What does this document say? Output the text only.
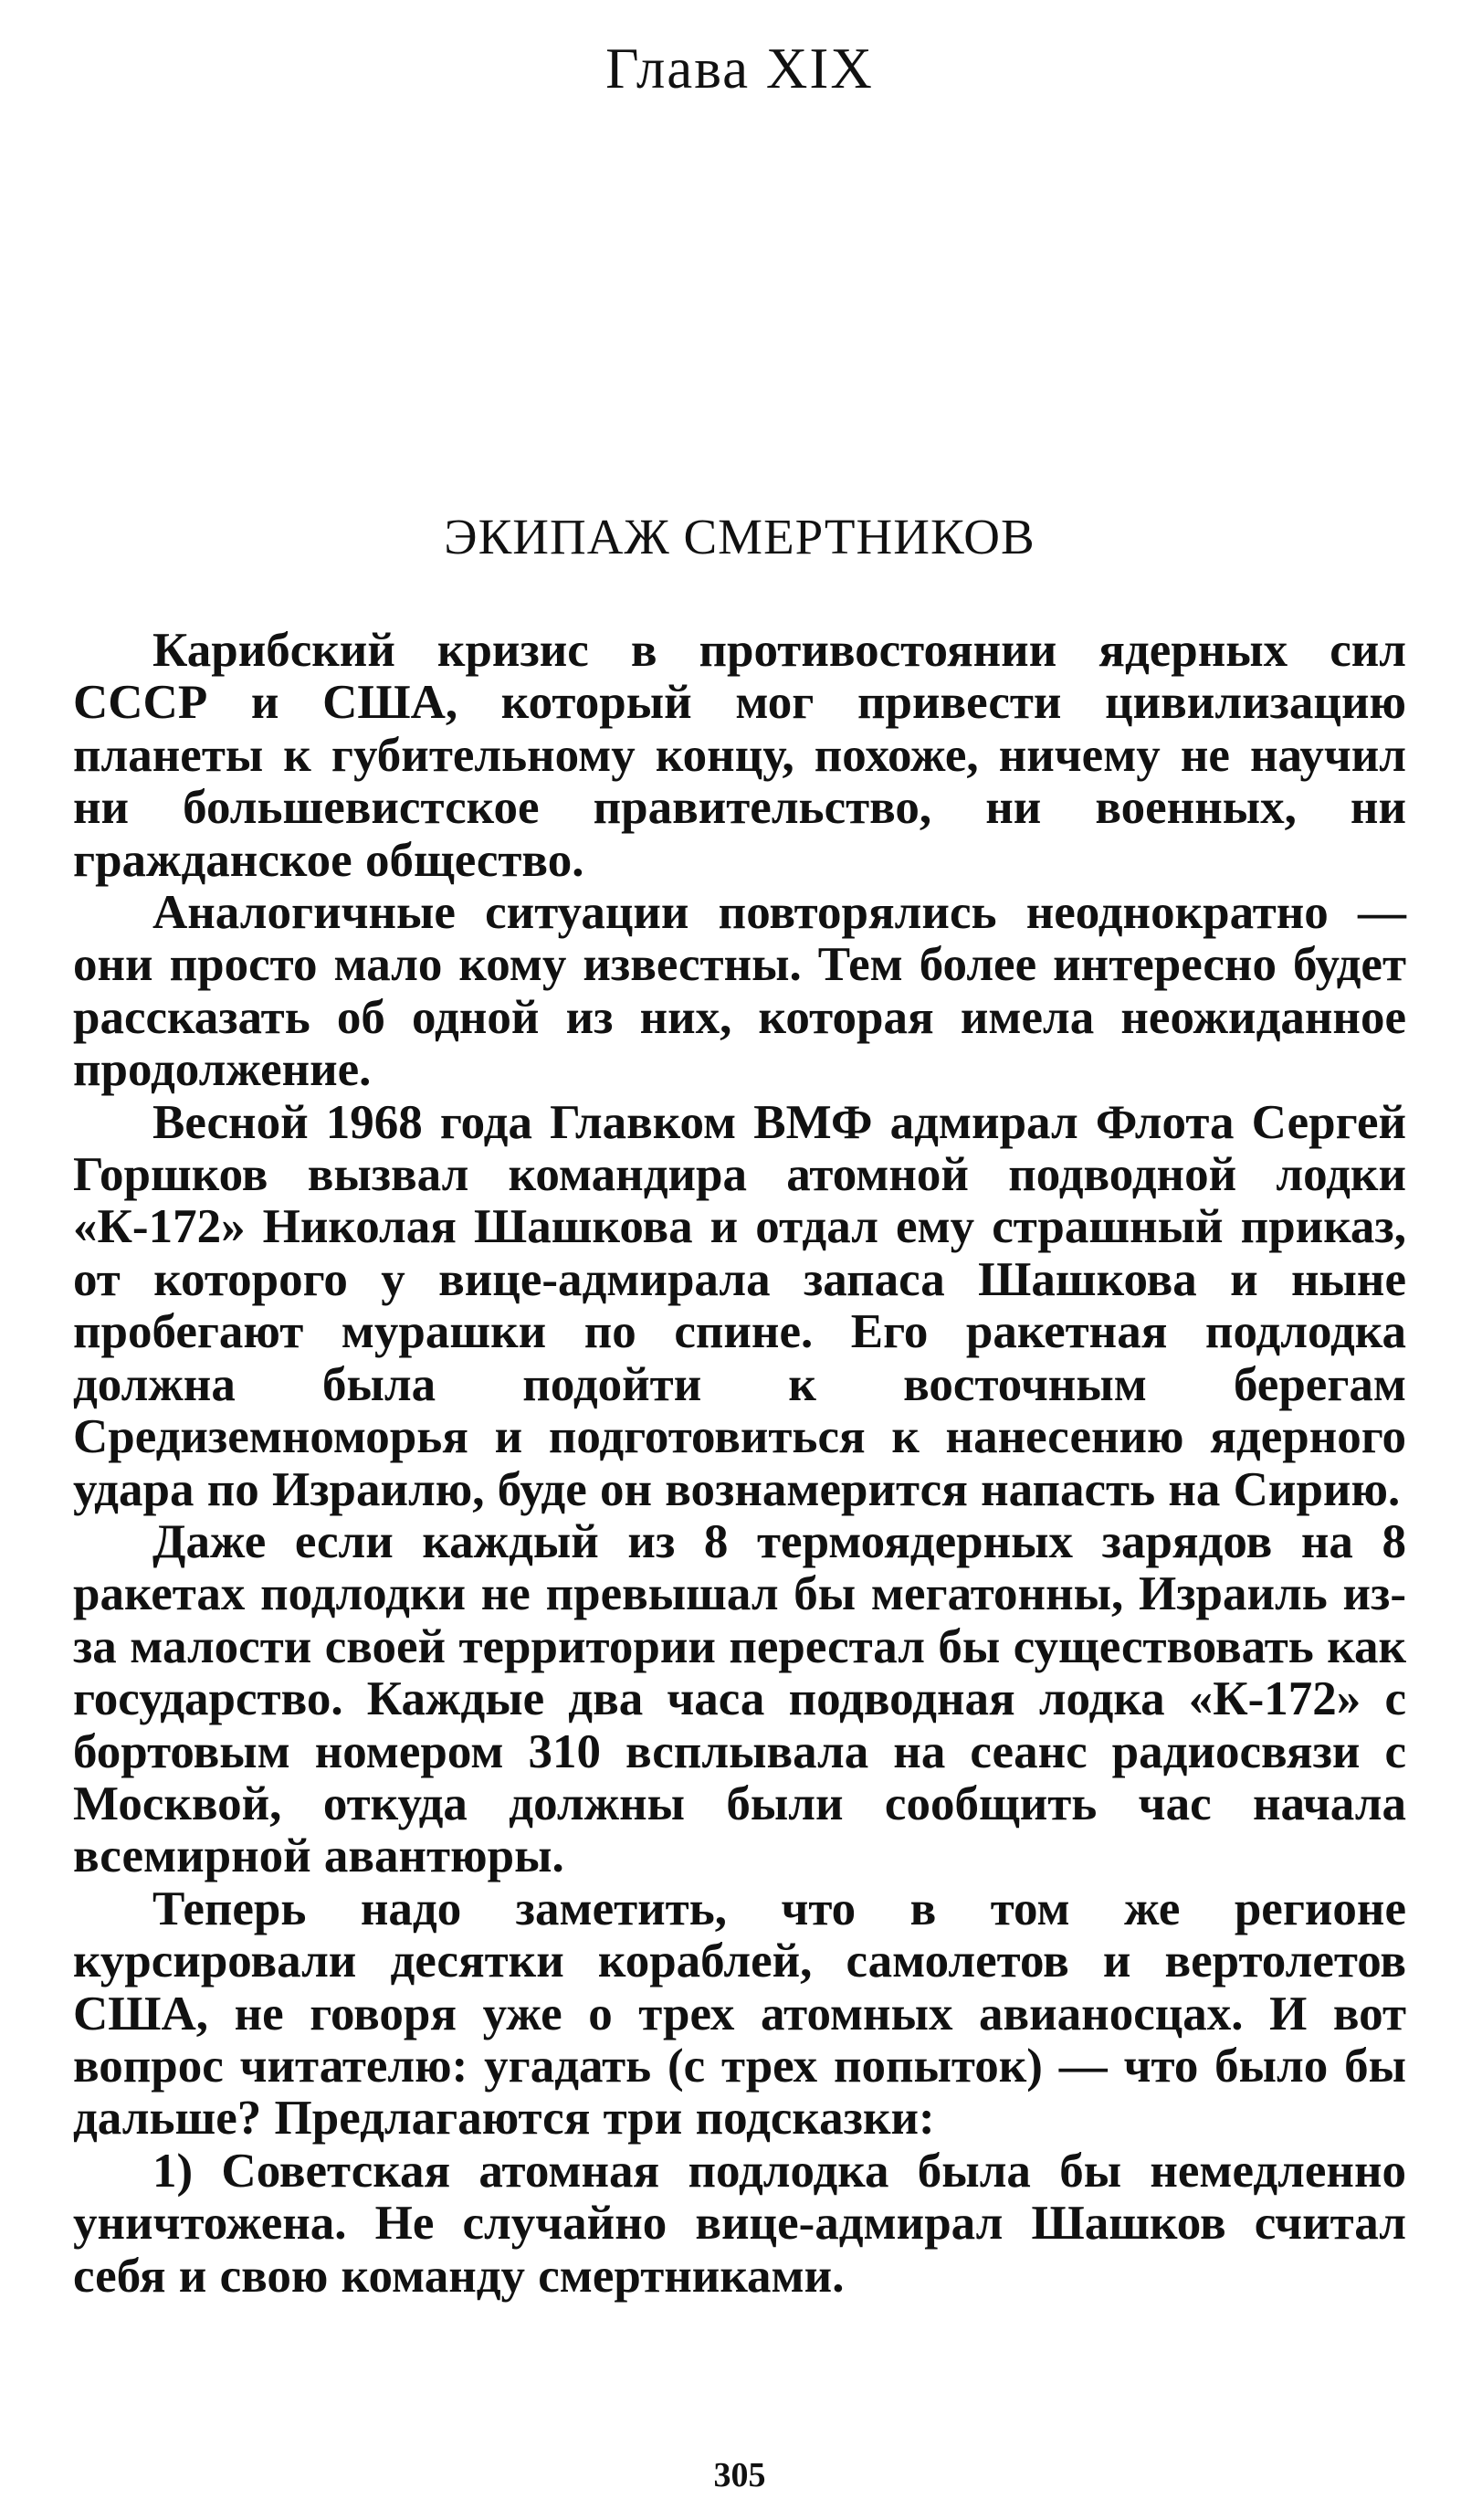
Глава XIX
ЭКИПАЖ СМЕРТНИКОВ

Карибский кризис в противостоянии ядерных сил СССР и США, который мог привести цивилизацию планеты к губительному концу, похоже, ничему не научил ни большевистское правительство, ни военных, ни гражданское общество.

Аналогичные ситуации повторялись неоднократно — они просто мало кому известны. Тем более интересно будет рассказать об одной из них, которая имела неожиданное продолжение.

Весной 1968 года Главком ВМФ адмирал Флота Сергей Горшков вызвал командира атомной подводной лодки «К-172» Николая Шашкова и отдал ему страшный приказ, от которого у вице-адмирала запаса Шашкова и ныне пробегают мурашки по спине. Его ракетная подлодка должна была подойти к восточным берегам Средиземноморья и подготовиться к нанесению ядерного удара по Израилю, буде он вознамерится напасть на Сирию.

Даже если каждый из 8 термоядерных зарядов на 8 ракетах подлодки не превышал бы мегатонны, Израиль из-за малости своей территории перестал бы существовать как государство. Каждые два часа подводная лодка «К-172» с бортовым номером 310 всплывала на сеанс радиосвязи с Москвой, откуда должны были сообщить час начала всемирной авантюры.

Теперь надо заметить, что в том же регионе курсировали десятки кораблей, самолетов и вертолетов США, не говоря уже о трех атомных авианосцах. И вот вопрос читателю: угадать (с трех попыток) — что было бы дальше? Предлагаются три подсказки:

1) Советская атомная подлодка была бы немедленно уничтожена. Не случайно вице-адмирал Шашков считал себя и свою команду смертниками.

305
